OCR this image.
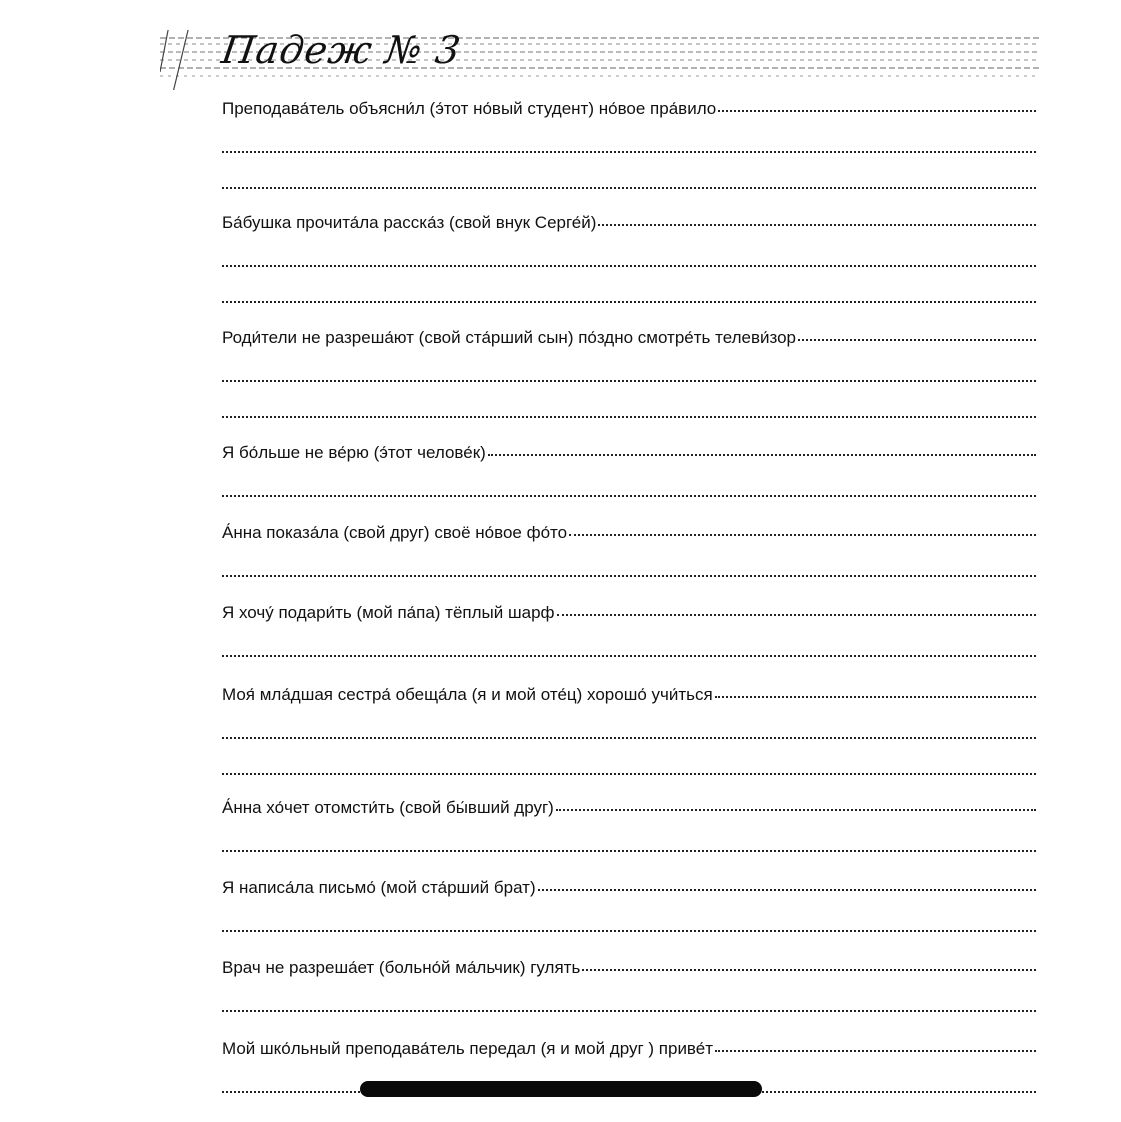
Падеж № 3
Преподава́тель объясни́л (э́тот но́вый студент) но́вое пра́вило
Ба́бушка прочита́ла расска́з (свой внук Серге́й)
Роди́тели не разреша́ют (свой ста́рший сын) по́здно смотре́ть телеви́зор
Я бо́льше не ве́рю (э́тот челове́к)
А́нна показа́ла (свой друг) своё но́вое фо́то
Я хочу́ подари́ть (мой па́па) тёплый шарф
Моя́ мла́дшая сестра́ обеща́ла (я и мой оте́ц) хорошо́ учи́ться
А́нна хо́чет отомсти́ть (свой бы́вший друг)
Я написа́ла письмо́ (мой ста́рший брат)
Врач не разреша́ет (больно́й ма́льчик) гулять
Мой шко́льный преподава́тель передал (я и мой друг ) приве́т
